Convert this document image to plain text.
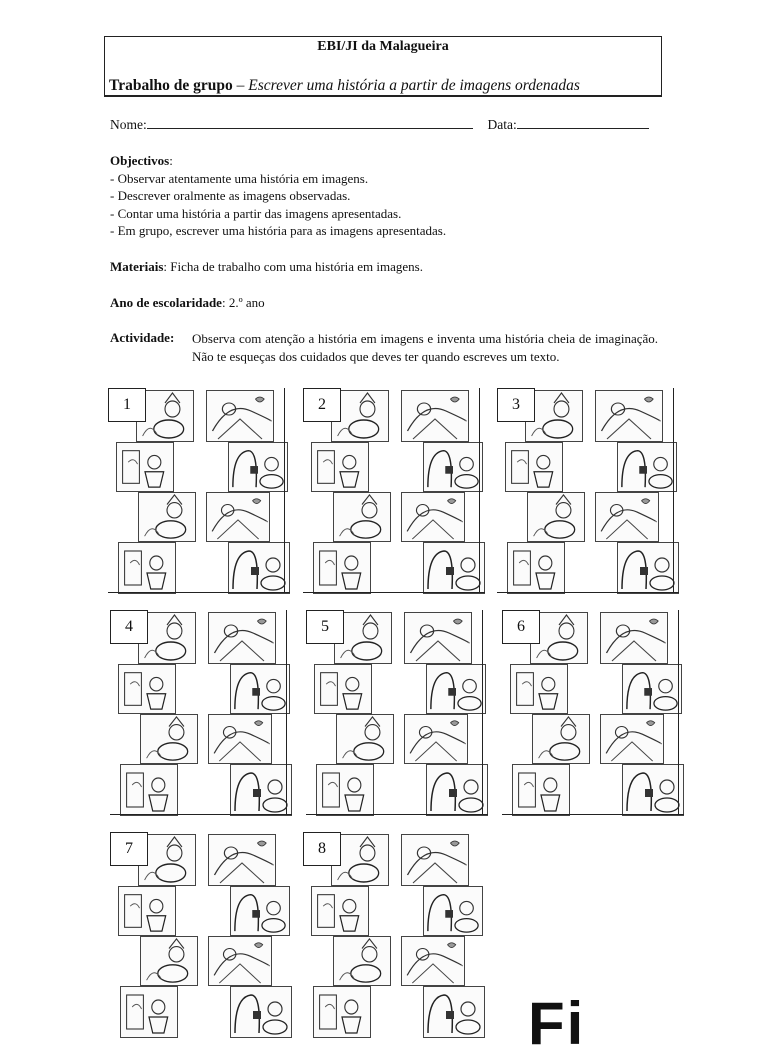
EBI/JI da Malagueira
Trabalho de grupo – Escrever uma história a partir de imagens ordenadas
Nome:	Data:
Objectivos:
- Observar atentamente uma história em imagens.
- Descrever oralmente as imagens observadas.
- Contar uma história a partir das imagens apresentadas.
- Em grupo, escrever uma história para as imagens apresentadas.
Materiais: Ficha de trabalho com uma história em imagens.
Ano de escolaridade: 2.º ano
Actividade: Observa com atenção a história em imagens e inventa uma história cheia de imaginação. Não te esqueças dos cuidados que deves ter quando escreves um texto.
1	2	3
4	5	6
7	8
Fi
